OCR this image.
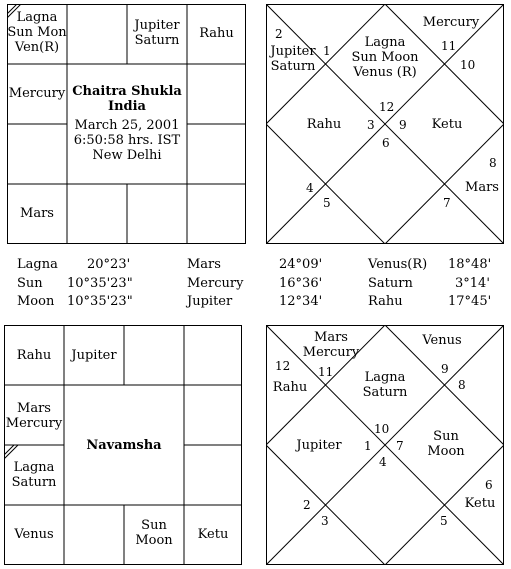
Lagna
Sun Mon
Ven(R)
Jupiter
Saturn	Rahu
Mercury
Mars
Chaitra Shukla
India
March 25, 2001
6:50:58 hrs. IST
New Delhi
Lagna
Sun Moon
Venus (R)
Jupiter
Saturn
Rahu
Mars
Ketu
Mercury
1
2
3
4
5
6
7
8
9
10
11
12
Lagna 20°23'	Mars	24°09'	Venus(R) 18°48'
Sun 10°35'23"	Mercury	16°36'	Saturn	3°14'
Moon 10°35'23"	Jupiter	12°34'	Rahu	17°45'
Rahu	Jupiter
Mars
Mercury
Lagna
Saturn
Venus
Sun
Moon	Ketu
Navamsha
Lagna
Saturn
Mars
Mercury
Rahu
Jupiter
Ketu
Sun
Moon
Venus
10
11
12
1
2
3
4
5
6
7
8
9
